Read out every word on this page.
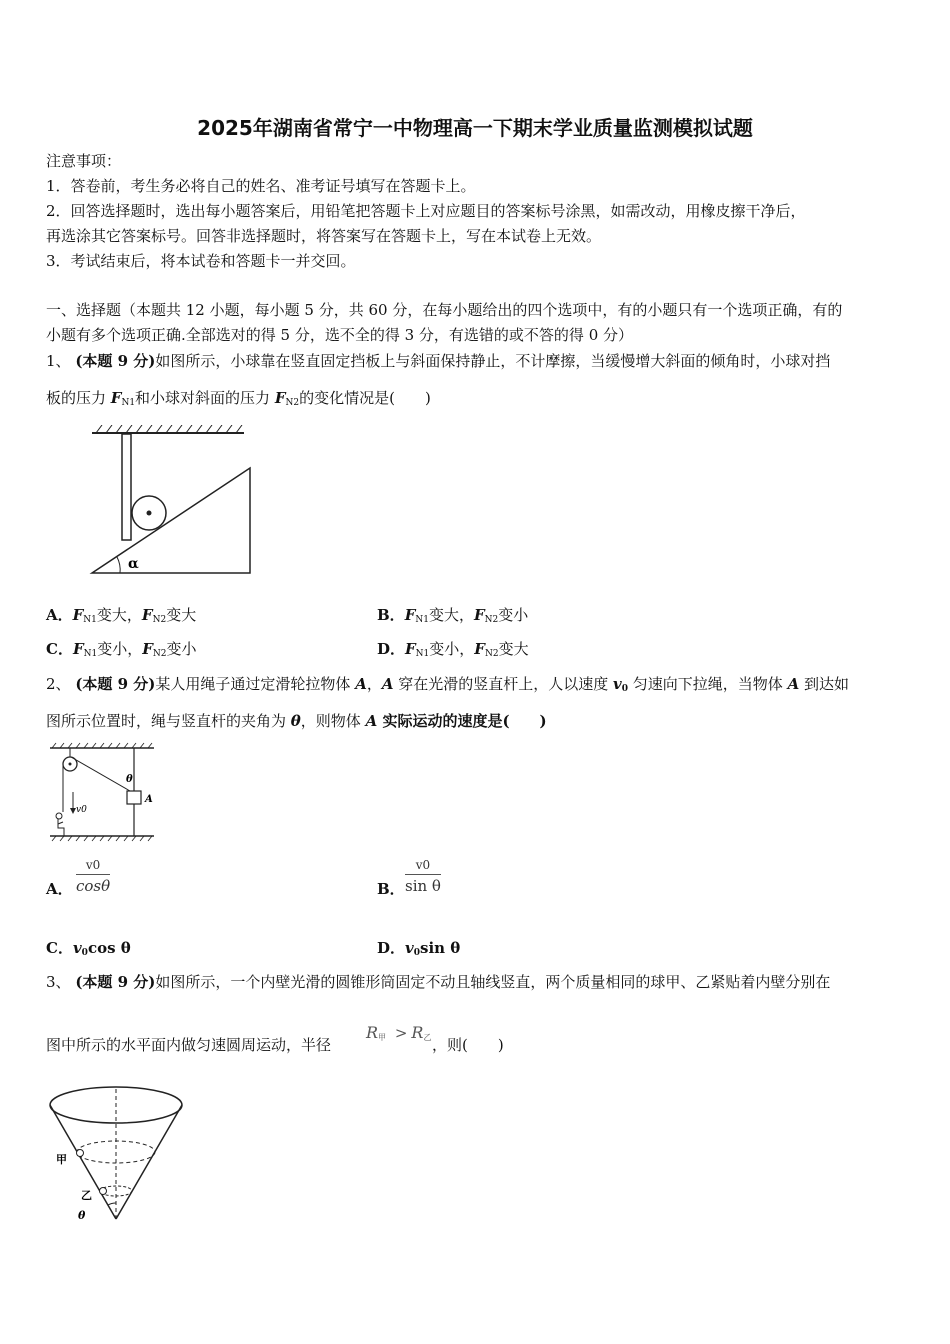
2025年湖南省常宁一中物理高一下期末学业质量监测模拟试题
注意事项：
1．答卷前，考生务必将自己的姓名、准考证号填写在答题卡上。
2．回答选择题时，选出每小题答案后，用铅笔把答题卡上对应题目的答案标号涂黑，如需改动，用橡皮擦干净后，
再选涂其它答案标号。回答非选择题时，将答案写在答题卡上，写在本试卷上无效。
3．考试结束后，将本试卷和答题卡一并交回。
一、选择题（本题共 12 小题，每小题 5 分，共 60 分，在每小题给出的四个选项中，有的小题只有一个选项正确，有的
小题有多个选项正确.全部选对的得 5 分，选不全的得 3 分，有选错的或不答的得 0 分）
1、 (本题 9 分)如图所示，小球靠在竖直固定挡板上与斜面保持静止，不计摩擦，当缓慢增大斜面的倾角时，小球对挡
板的压力 $F_{N1}$和小球对斜面的压力 $F_{N2}$的变化情况是(　　)
α
A．$F_{N1}$变大，$F_{N2}$变大	B．$F_{N1}$变大，$F_{N2}$变小
C．$F_{N1}$变小，$F_{N2}$变小	D．$F_{N1}$变小，$F_{N2}$变大
2、 (本题 9 分)某人用绳子通过定滑轮拉物体 A，A 穿在光滑的竖直杆上，人以速度 $v_0$ 匀速向下拉绳，当物体 A 到达如
图所示位置时，绳与竖直杆的夹角为 θ，则物体 A 实际运动的速度是(　　)
A
θ
v0
A．
v0
cosθ	B．
v0
sin θ
C．$v_0\cos$ θ	D．$v_0\sin$ θ
3、 (本题 9 分)如图所示，一个内壁光滑的圆锥形筒固定不动且轴线竖直，两个质量相同的球甲、乙紧贴着内壁分别在
图中所示的水平面内做匀速圆周运动，半径
$R_甲 > R_乙$ ，则(　　)
甲
乙
θ
